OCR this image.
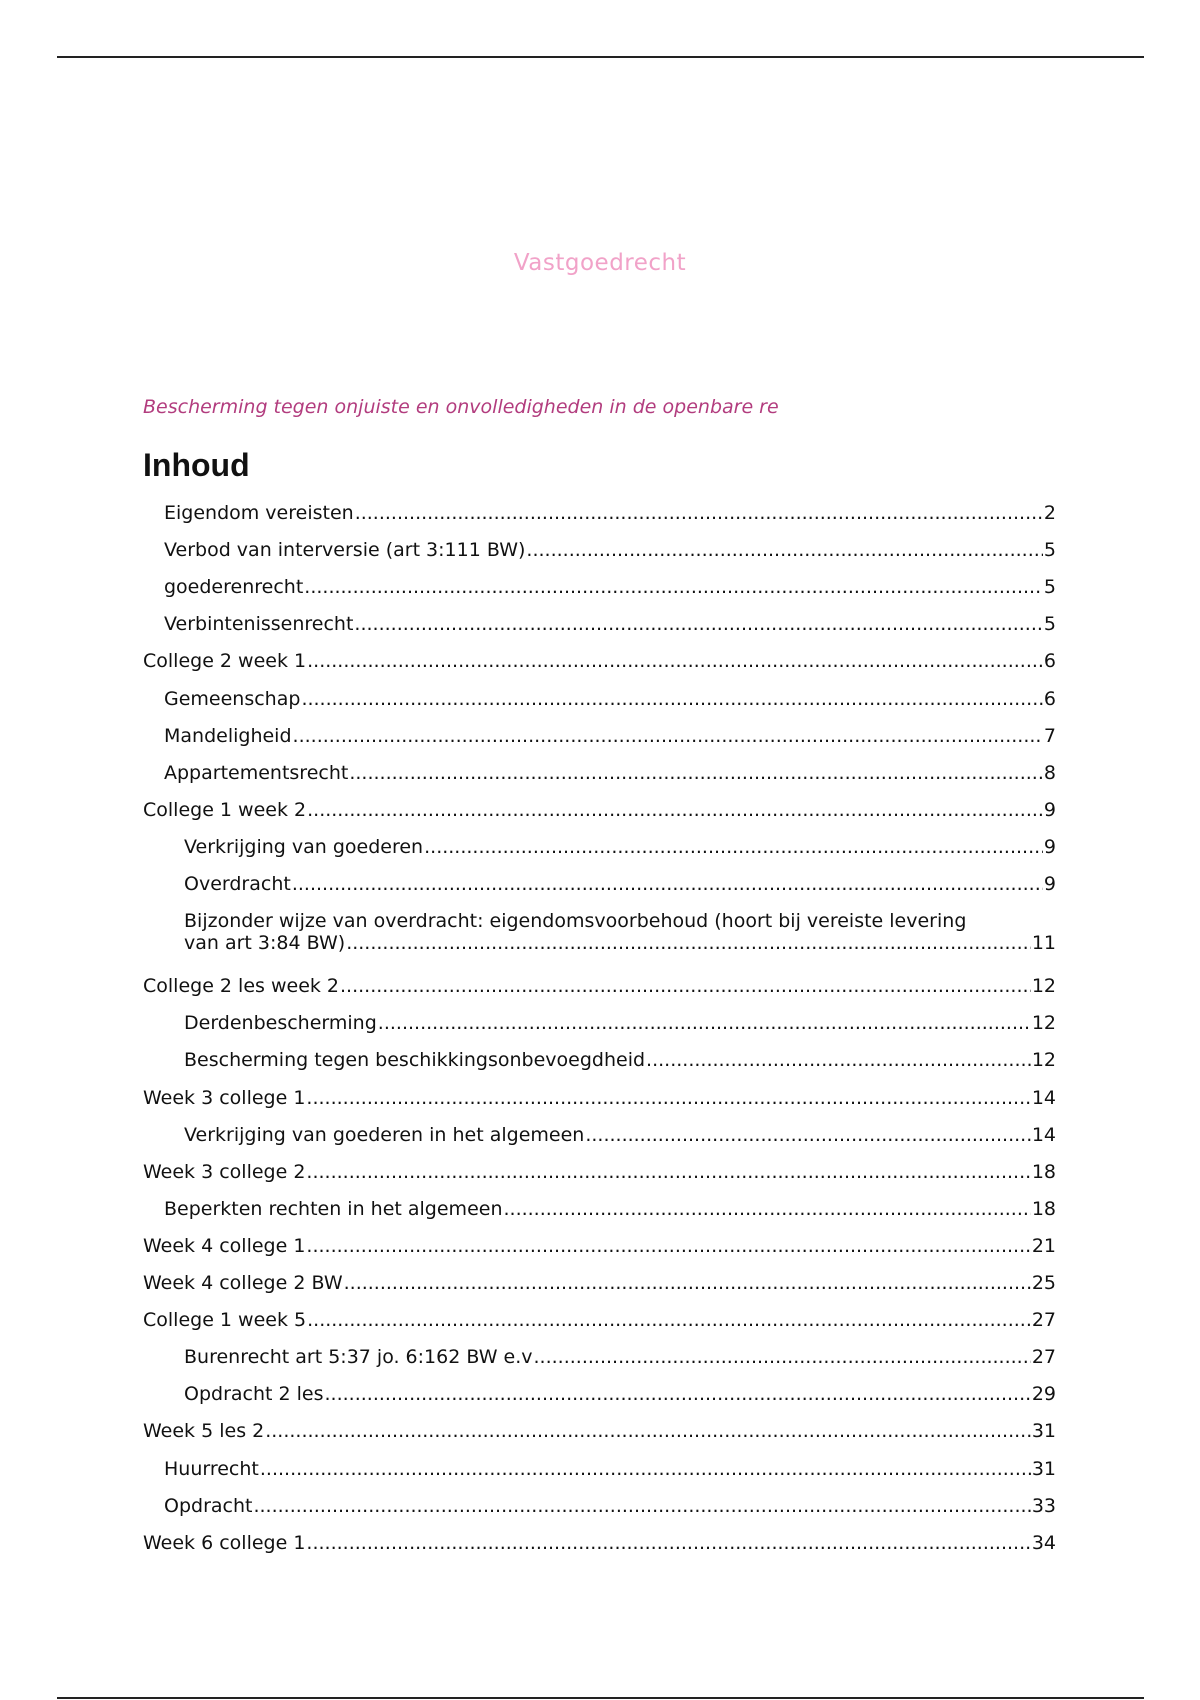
Vastgoedrecht
Bescherming tegen onjuiste en onvolledigheden in de openbare re
Inhoud
Eigendom vereisten .....	2
Verbod van interversie (art 3:111 BW) .....	5
goederenrecht .....	5
Verbintenissenrecht .....	5
College 2 week 1 .....	6
Gemeenschap .....	6
Mandeligheid .....	7
Appartementsrecht .....	8
College 1 week 2 .....	9
Verkrijging van goederen .....	9
Overdracht .....	9
Bijzonder wijze van overdracht: eigendomsvoorbehoud (hoort bij vereiste levering
van art 3:84 BW) .....	11
College 2 les week 2 .....	12
Derdenbescherming .....	12
Bescherming tegen beschikkingsonbevoegdheid .....	12
Week 3 college 1 .....	14
Verkrijging van goederen in het algemeen .....	14
Week 3 college 2 .....	18
Beperkten rechten in het algemeen .....	18
Week 4 college 1 .....	21
Week 4 college 2 BW .....	25
College 1 week 5 .....	27
Burenrecht art 5:37 jo. 6:162 BW e.v .....	27
Opdracht 2 les .....	29
Week 5 les 2 .....	31
Huurrecht .....	31
Opdracht .....	33
Week 6 college 1 .....	34
